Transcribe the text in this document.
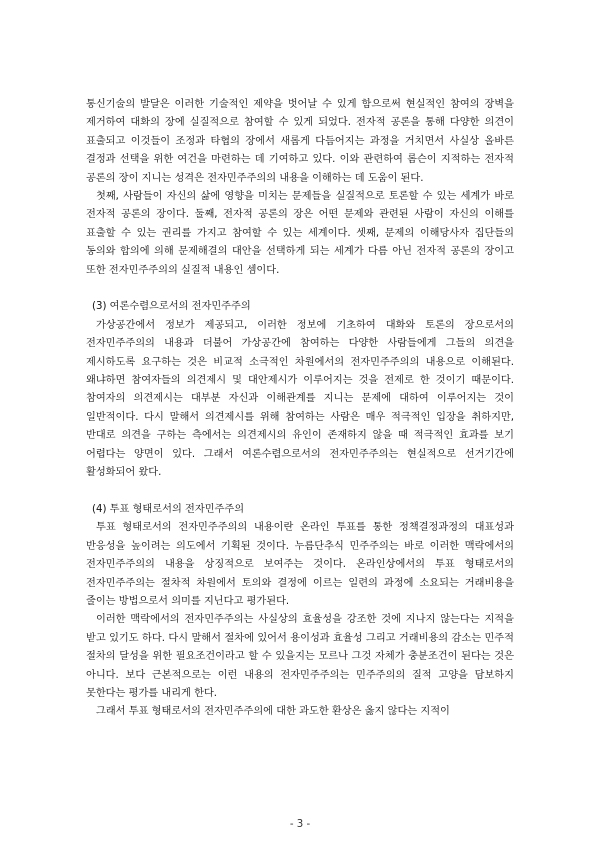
통신기술의 발달은 이러한 기술적인 제약을 벗어날 수 있게 함으로써 현실적인 참여의 장벽을 제거하여 대화의 장에 실질적으로 참여할 수 있게 되었다. 전자적 공론을 통해 다양한 의견이 표출되고 이것들이 조정과 타협의 장에서 새롭게 다듬어지는 과정을 거치면서 사실상 올바른 결정과 선택을 위한 여건을 마련하는 데 기여하고 있다. 이와 관련하여 롬슨이 지적하는 전자적 공론의 장이 지니는 성격은 전자민주주의의 내용을 이해하는 데 도움이 된다.

첫째, 사람들이 자신의 삶에 영향을 미치는 문제들을 실질적으로 토론할 수 있는 세계가 바로 전자적 공론의 장이다. 둘째, 전자적 공론의 장은 어떤 문제와 관련된 사람이 자신의 이해를 표출할 수 있는 권리를 가지고 참여할 수 있는 세계이다. 셋째, 문제의 이해당사자 집단들의 동의와 합의에 의해 문제해결의 대안을 선택하게 되는 세계가 다름 아닌 전자적 공론의 장이고 또한 전자민주주의의 실질적 내용인 셈이다.

(3) 여론수렴으로서의 전자민주주의

가상공간에서 정보가 제공되고, 이러한 정보에 기초하여 대화와 토론의 장으로서의 전자민주주의의 내용과 더불어 가상공간에 참여하는 다양한 사람들에게 그들의 의견을 제시하도록 요구하는 것은 비교적 소극적인 차원에서의 전자민주주의의 내용으로 이해된다. 왜냐하면 참여자들의 의견제시 및 대안제시가 이루어지는 것을 전제로 한 것이기 때문이다. 참여자의 의견제시는 대부분 자신과 이해관계를 지니는 문제에 대하여 이루어지는 것이 일반적이다. 다시 말해서 의견제시를 위해 참여하는 사람은 매우 적극적인 입장을 취하지만, 반대로 의견을 구하는 측에서는 의견제시의 유인이 존재하지 않을 때 적극적인 효과를 보기 어렵다는 양면이 있다. 그래서 여론수렴으로서의 전자민주주의는 현실적으로 선거기간에 활성화되어 왔다.

(4) 투표 형태로서의 전자민주주의

투표 형태로서의 전자민주주의의 내용이란 온라인 투표를 통한 정책결정과정의 대표성과 반응성을 높이려는 의도에서 기획된 것이다. 누름단추식 민주주의는 바로 이러한 맥락에서의 전자민주주의의 내용을 상징적으로 보여주는 것이다. 온라인상에서의 투표 형태로서의 전자민주주의는 절차적 차원에서 토의와 결정에 이르는 일련의 과정에 소요되는 거래비용을 줄이는 방법으로서 의미를 지닌다고 평가된다.

이러한 맥락에서의 전자민주주의는 사실상의 효율성을 강조한 것에 지나지 않는다는 지적을 받고 있기도 하다. 다시 말해서 절차에 있어서 용이성과 효율성 그리고 거래비용의 감소는 민주적 절차의 달성을 위한 필요조건이라고 할 수 있을지는 모르나 그것 자체가 충분조건이 된다는 것은 아니다. 보다 근본적으로는 이런 내용의 전자민주주의는 민주주의의 질적 고양을 담보하지 못한다는 평가를 내리게 한다.

그래서 투표 형태로서의 전자민주주의에 대한 과도한 환상은 옳지 않다는 지적이

- 3 -
